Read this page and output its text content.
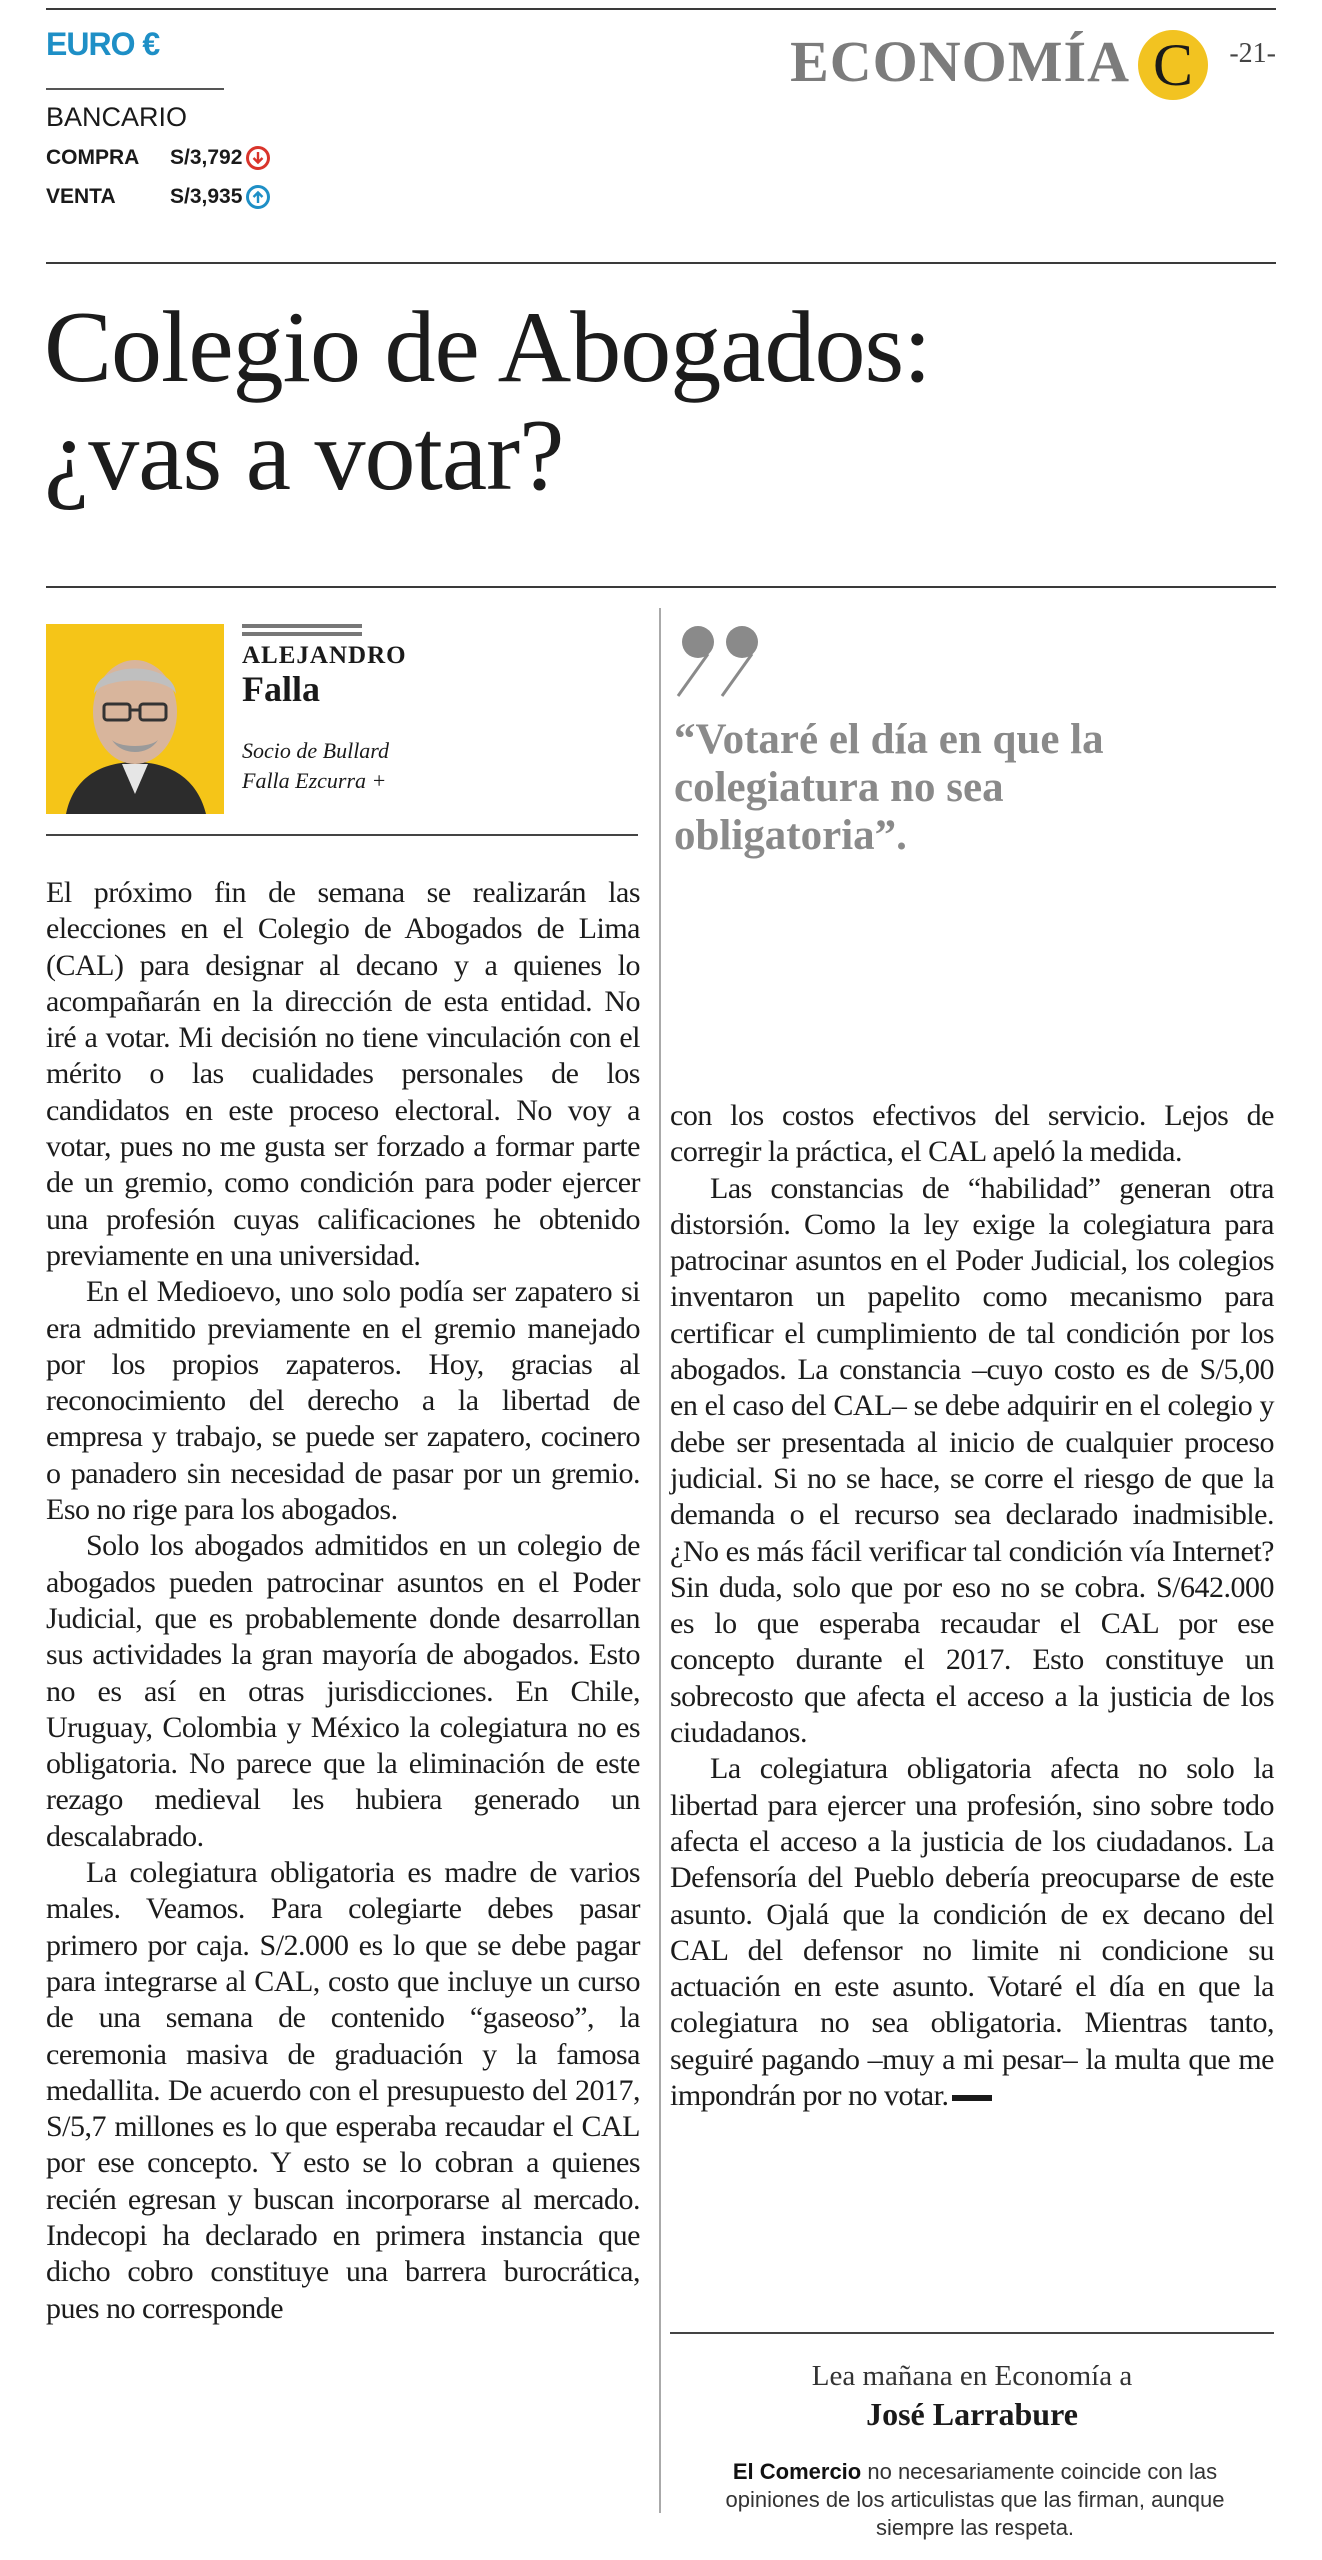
EURO €
BANCARIO
COMPRA	S/3,792
VENTA	S/3,935
ECONOMÍA C	-21-
Colegio de Abogados:
¿vas a votar?
ALEJANDRO
Falla
Socio de Bullard
Falla Ezcurra +
“Votaré el día en que la colegiatura no sea obligatoria”.

El próximo fin de semana se realizarán las elecciones en el Colegio de Abogados de Lima (CAL) para designar al decano y a quienes lo acompañarán en la dirección de esta entidad. No iré a votar. Mi decisión no tiene vinculación con el mérito o las cualidades personales de los candidatos en este proceso electoral. No voy a votar, pues no me gusta ser forzado a formar parte de un gremio, como condición para poder ejercer una profesión cuyas calificaciones he obtenido previamente en una universidad.

En el Medioevo, uno solo podía ser zapatero si era admitido previamente en el gremio manejado por los propios zapateros. Hoy, gracias al reconocimiento del derecho a la libertad de empresa y trabajo, se puede ser zapatero, cocinero o panadero sin necesidad de pasar por un gremio. Eso no rige para los abogados.

Solo los abogados admitidos en un colegio de abogados pueden patrocinar asuntos en el Poder Judicial, que es probablemente donde desarrollan sus actividades la gran mayoría de abogados. Esto no es así en otras jurisdicciones. En Chile, Uruguay, Colombia y México la colegiatura no es obligatoria. No parece que la eliminación de este rezago medieval les hubiera generado un descalabrado.

La colegiatura obligatoria es madre de varios males. Veamos. Para colegiarte debes pasar primero por caja. S/2.000 es lo que se debe pagar para integrarse al CAL, costo que incluye un curso de una semana de contenido “gaseoso”, la ceremonia masiva de graduación y la famosa medallita. De acuerdo con el presupuesto del 2017, S/5,7 millones es lo que esperaba recaudar el CAL por ese concepto. Y esto se lo cobran a quienes recién egresan y buscan incorporarse al mercado. Indecopi ha declarado en primera instancia que dicho cobro constituye una barrera burocrática, pues no corresponde

con los costos efectivos del servicio. Lejos de corregir la práctica, el CAL apeló la medida.

Las constancias de “habilidad” generan otra distorsión. Como la ley exige la colegiatura para patrocinar asuntos en el Poder Judicial, los colegios inventaron un papelito como mecanismo para certificar el cumplimiento de tal condición por los abogados. La constancia –cuyo costo es de S/5,00 en el caso del CAL– se debe adquirir en el colegio y debe ser presentada al inicio de cualquier proceso judicial. Si no se hace, se corre el riesgo de que la demanda o el recurso sea declarado inadmisible. ¿No es más fácil verificar tal condición vía Internet? Sin duda, solo que por eso no se cobra. S/642.000 es lo que esperaba recaudar el CAL por ese concepto durante el 2017. Esto constituye un sobrecosto que afecta el acceso a la justicia de los ciudadanos.

La colegiatura obligatoria afecta no solo la libertad para ejercer una profesión, sino sobre todo afecta el acceso a la justicia de los ciudadanos. La Defensoría del Pueblo debería preocuparse de este asunto. Ojalá que la condición de ex decano del CAL del defensor no limite ni condicione su actuación en este asunto. Votaré el día en que la colegiatura no sea obligatoria. Mientras tanto, seguiré pagando –muy a mi pesar– la multa que me impondrán por no votar.

Lea mañana en Economía a
José Larrabure
El Comercio no necesariamente coincide con las opiniones de los articulistas que las firman, aunque siempre las respeta.
